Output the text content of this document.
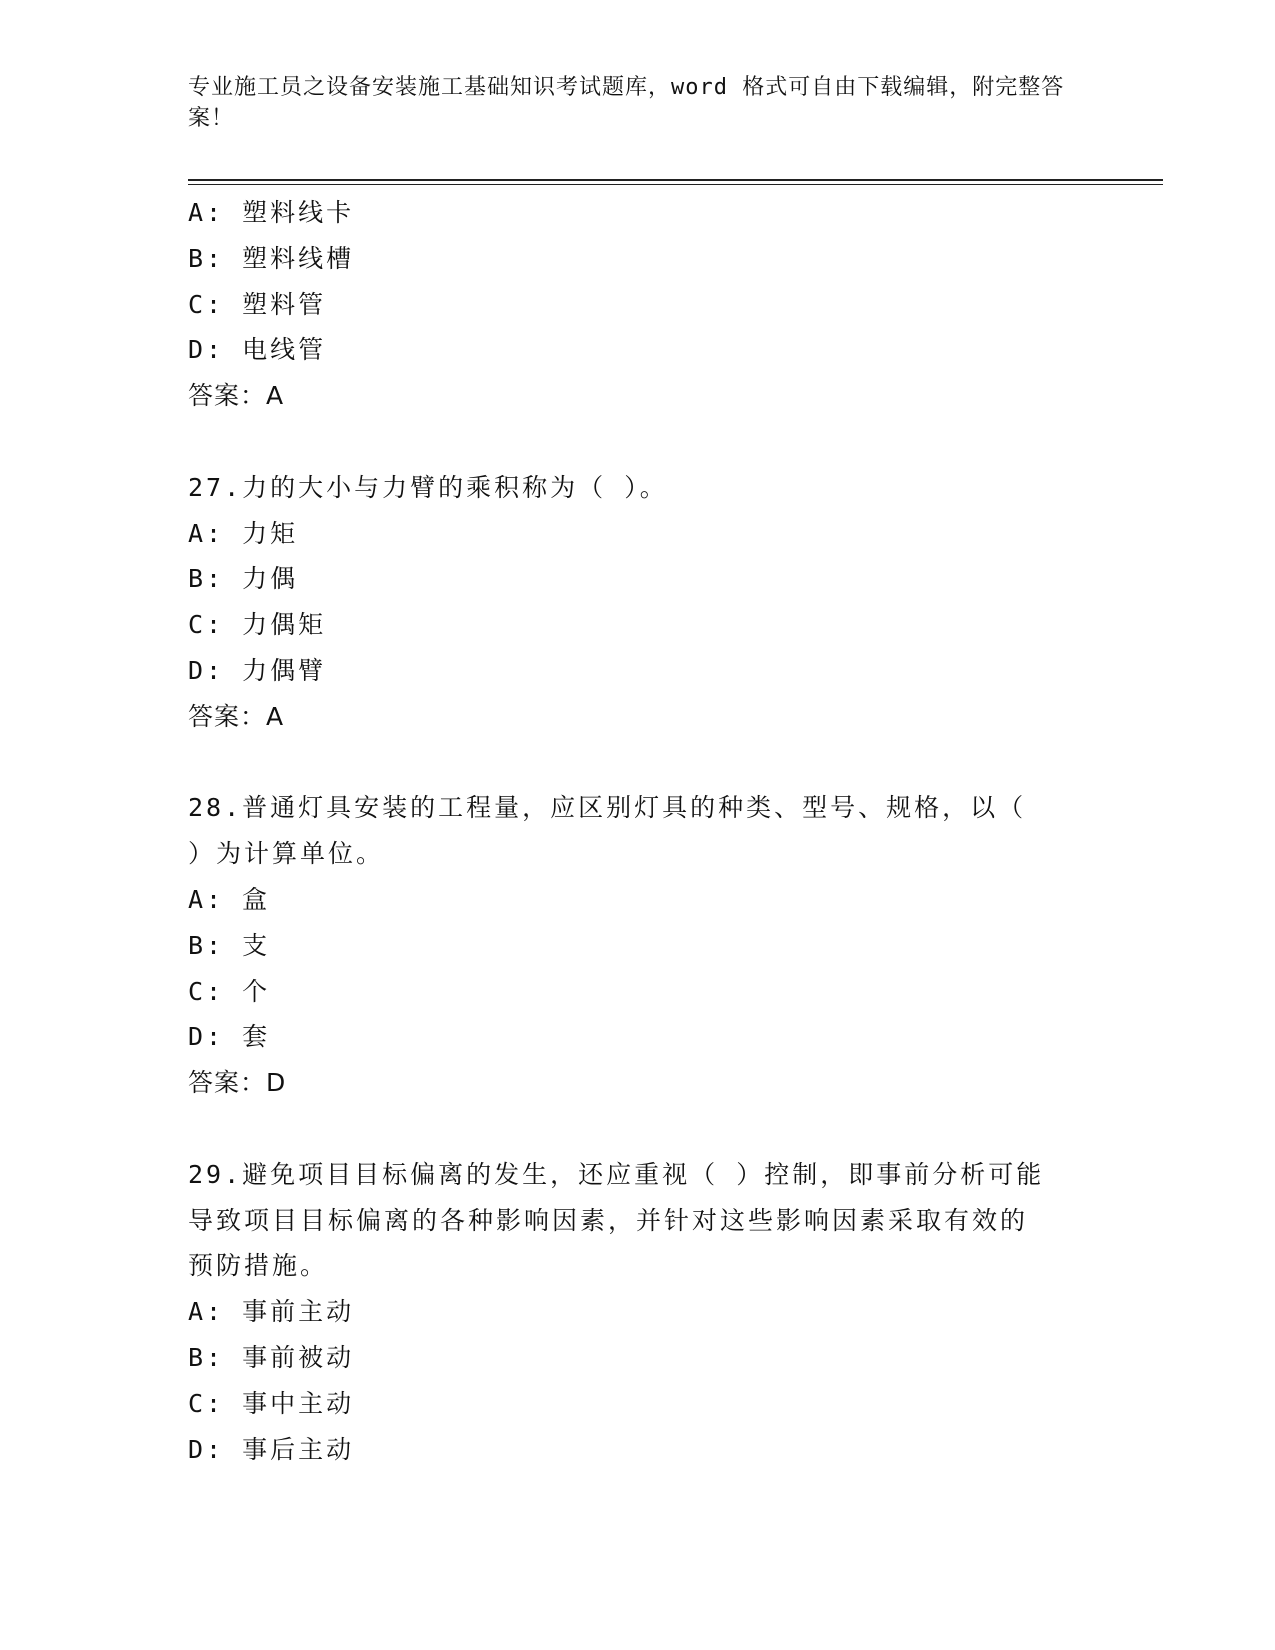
专业施工员之设备安装施工基础知识考试题库，word 格式可自由下载编辑，附完整答案！
A: 塑料线卡
B: 塑料线槽
C: 塑料管
D: 电线管
答案：A
27.力的大小与力臂的乘积称为（ ）。
A: 力矩
B: 力偶
C: 力偶矩
D: 力偶臂
答案：A
28.普通灯具安装的工程量，应区别灯具的种类、型号、规格，以（ ）为计算单位。
A: 盒
B: 支
C: 个
D: 套
答案：D
29.避免项目目标偏离的发生，还应重视（ ）控制，即事前分析可能导致项目目标偏离的各种影响因素，并针对这些影响因素采取有效的预防措施。
A: 事前主动
B: 事前被动
C: 事中主动
D: 事后主动
